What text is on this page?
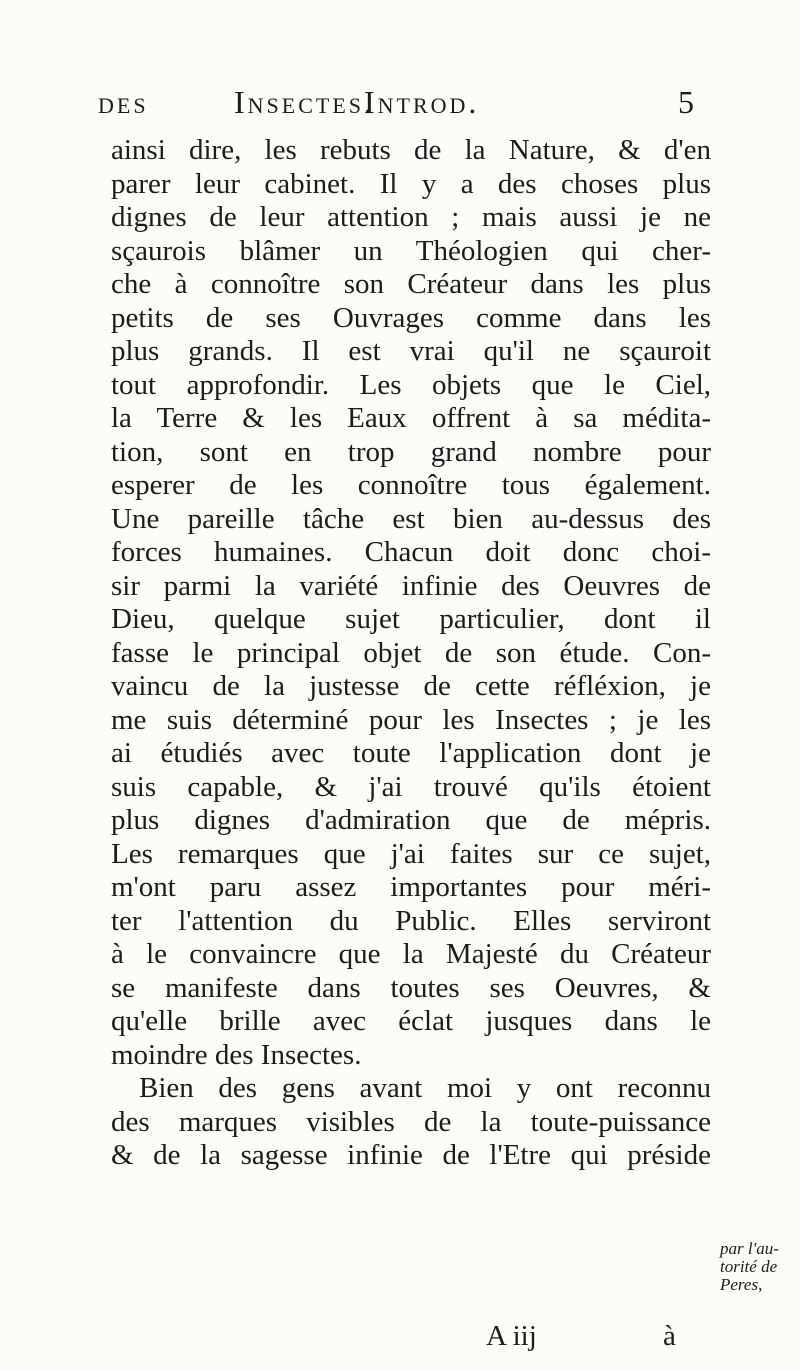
des	Insectes.
Introd.	5
ainsi dire, les rebuts de la Nature, & d'en
parer leur cabinet. Il y a des choses plus
dignes de leur attention ; mais aussi je ne
sçaurois blâmer un Théologien qui cher-
che à connoître son Créateur dans les plus
petits de ses Ouvrages comme dans les
plus grands. Il est vrai qu'il ne sçauroit
tout approfondir. Les objets que le Ciel,
la Terre & les Eaux offrent à sa médita-
tion, sont en trop grand nombre pour
esperer de les connoître tous également.
Une pareille tâche est bien au-dessus des
forces humaines. Chacun doit donc choi-
sir parmi la variété infinie des Oeuvres de
Dieu, quelque sujet particulier, dont il
fasse le principal objet de son étude. Con-
vaincu de la justesse de cette réfléxion, je
me suis déterminé pour les Insectes ; je les
ai étudiés avec toute l'application dont je
suis capable, & j'ai trouvé qu'ils étoient
plus dignes d'admiration que de mépris.
Les remarques que j'ai faites sur ce sujet,
m'ont paru assez importantes pour méri-
ter l'attention du Public. Elles serviront
à le convaincre que la Majesté du Créateur
se manifeste dans toutes ses Oeuvres, &
qu'elle brille avec éclat jusques dans le
moindre des Insectes.
Bien des gens avant moi y ont reconnu
des marques visibles de la toute-puissance
& de la sagesse infinie de l'Etre qui préside
par l'au-
torité de
Peres,
A iij	à
